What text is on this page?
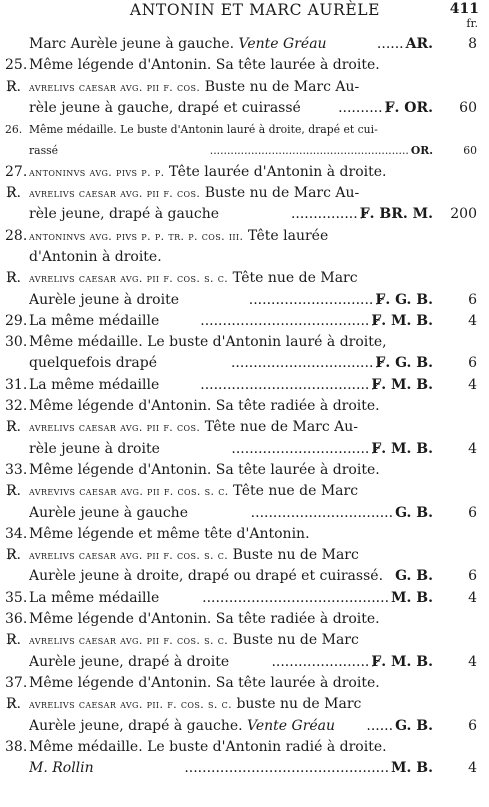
ANTONIN ET MARC AURÈLE	411
fr.
Marc Aurèle jeune à gauche. Vente Gréau	...... AR.	8
25. Même légende d'Antonin. Sa tête laurée à droite.
R̷. avrelivs caesar avg. pii f. cos. Buste nu de Marc Au-
rèle jeune à gauche, drapé et cuirassé	.......... F̷. OR. 60
26. Même médaille. Le buste d'Antonin lauré à droite, drapé et cui-
rassé	.......................................................... OR.	60
27. antoninvs avg. pivs p. p. Tête laurée d'Antonin à droite.
R̷. avrelivs caesar avg. pii f. cos. Buste nu de Marc Au-
rèle jeune, drapé à gauche	............... F̷. BR. M. 200
28. antoninvs avg. pivs p. p. tr. p. cos. iii. Tête laurée
d'Antonin à droite.
R̷. avrelivs caesar avg. pii f. cos. s. c. Tête nue de Marc
Aurèle jeune à droite	............................ F̷. G. B.	6
29. La même médaille	...................................... F̷. M. B.	4
30. Même médaille. Le buste d'Antonin lauré à droite,
quelquefois drapé	................................ F̷. G. B.	6
31. La même médaille	...................................... F̷. M. B.	4
32. Même légende d'Antonin. Sa tête radiée à droite.
R̷. avrelivs caesar avg. pii f. cos. Tête nue de Marc Au-
rèle jeune à droite	............................... F̷. M. B.	4
33. Même légende d'Antonin. Sa tête laurée à droite.
R̷. avrevivs caesar avg. pii f. cos. s. c. Tête nue de Marc
Aurèle jeune à gauche	................................ G. B.	6
34. Même légende et même tête d'Antonin.
R̷. avrelivs caesar avg. pii f. cos. s. c. Buste nu de Marc
Aurèle jeune à droite, drapé ou drapé et cuirassé. G. B.	6
35. La même médaille	.......................................... M. B.	4
36. Même légende d'Antonin. Sa tête radiée à droite.
R̷. avrelivs caesar avg. pii f. cos. s. c. Buste nu de Marc
Aurèle jeune, drapé à droite	...................... F̷. M. B.	4
37. Même légende d'Antonin. Sa tête laurée à droite.
R̷. avrelivs caesar avg. pii. f. cos. s. c. buste nu de Marc
Aurèle jeune, drapé à gauche. Vente Gréau	...... G. B.	6
38. Même médaille. Le buste d'Antonin radié à droite.
M. Rollin	.............................................. M. B.	4
